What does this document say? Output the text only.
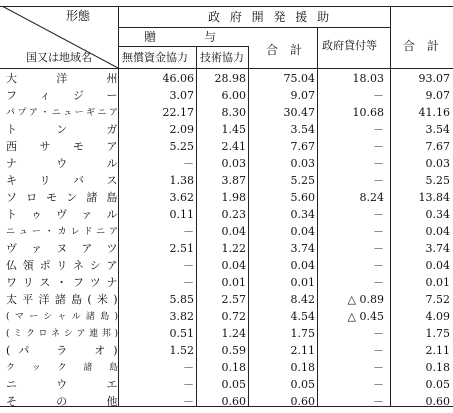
形態
国又は地域名
政 府 開 発 援 助
贈　　　　与
無償資金協力 技術協力
合　計 政府貸付等 合　計
大　　洋　　州	46.06	28.98	75.04	18.03	93.07
フ　ィ　ジ　ー	3.07	6.00	9.07	－	9.07
パプア・ニューギニア	22.17	8.30	30.47	10.68	41.16
ト　ン　ガ	2.09	1.45	3.54	－	3.54
西　サ　モ　ア	5.25	2.41	7.67	－	7.67
ナ　ウ　ル	－	0.03	0.03	－	0.03
キ　リ　バ　ス	1.38	3.87	5.25	－	5.25
ソロモン諸島	3.62	1.98	5.60	8.24	13.84
トゥヴァル	0.11	0.23	0.34	－	0.34
ニュー・カレドニア	－	0.04	0.04	－	0.04
ヴァヌアツ	2.51	1.22	3.74	－	3.74
仏領ポリネシア	－	0.04	0.04	－	0.04
ワリス・フツナ	－	0.01	0.01	－	0.01
太平洋諸島(米)	5.85	2.57	8.42	△ 0.89	7.52
(マーシャル諸島)	3.82	0.72	4.54	△ 0.45	4.09
(ミクロネシア連邦)	0.51	1.24	1.75	－	1.75
(パ　ラ　オ)	1.52	0.59	2.11	－	2.11
ク　ッ　ク　諸　島	－	0.18	0.18	－	0.18
ニ　ウ　エ	－	0.05	0.05	－	0.05
そ　の　他	－	0.60	0.60	－	0.60
